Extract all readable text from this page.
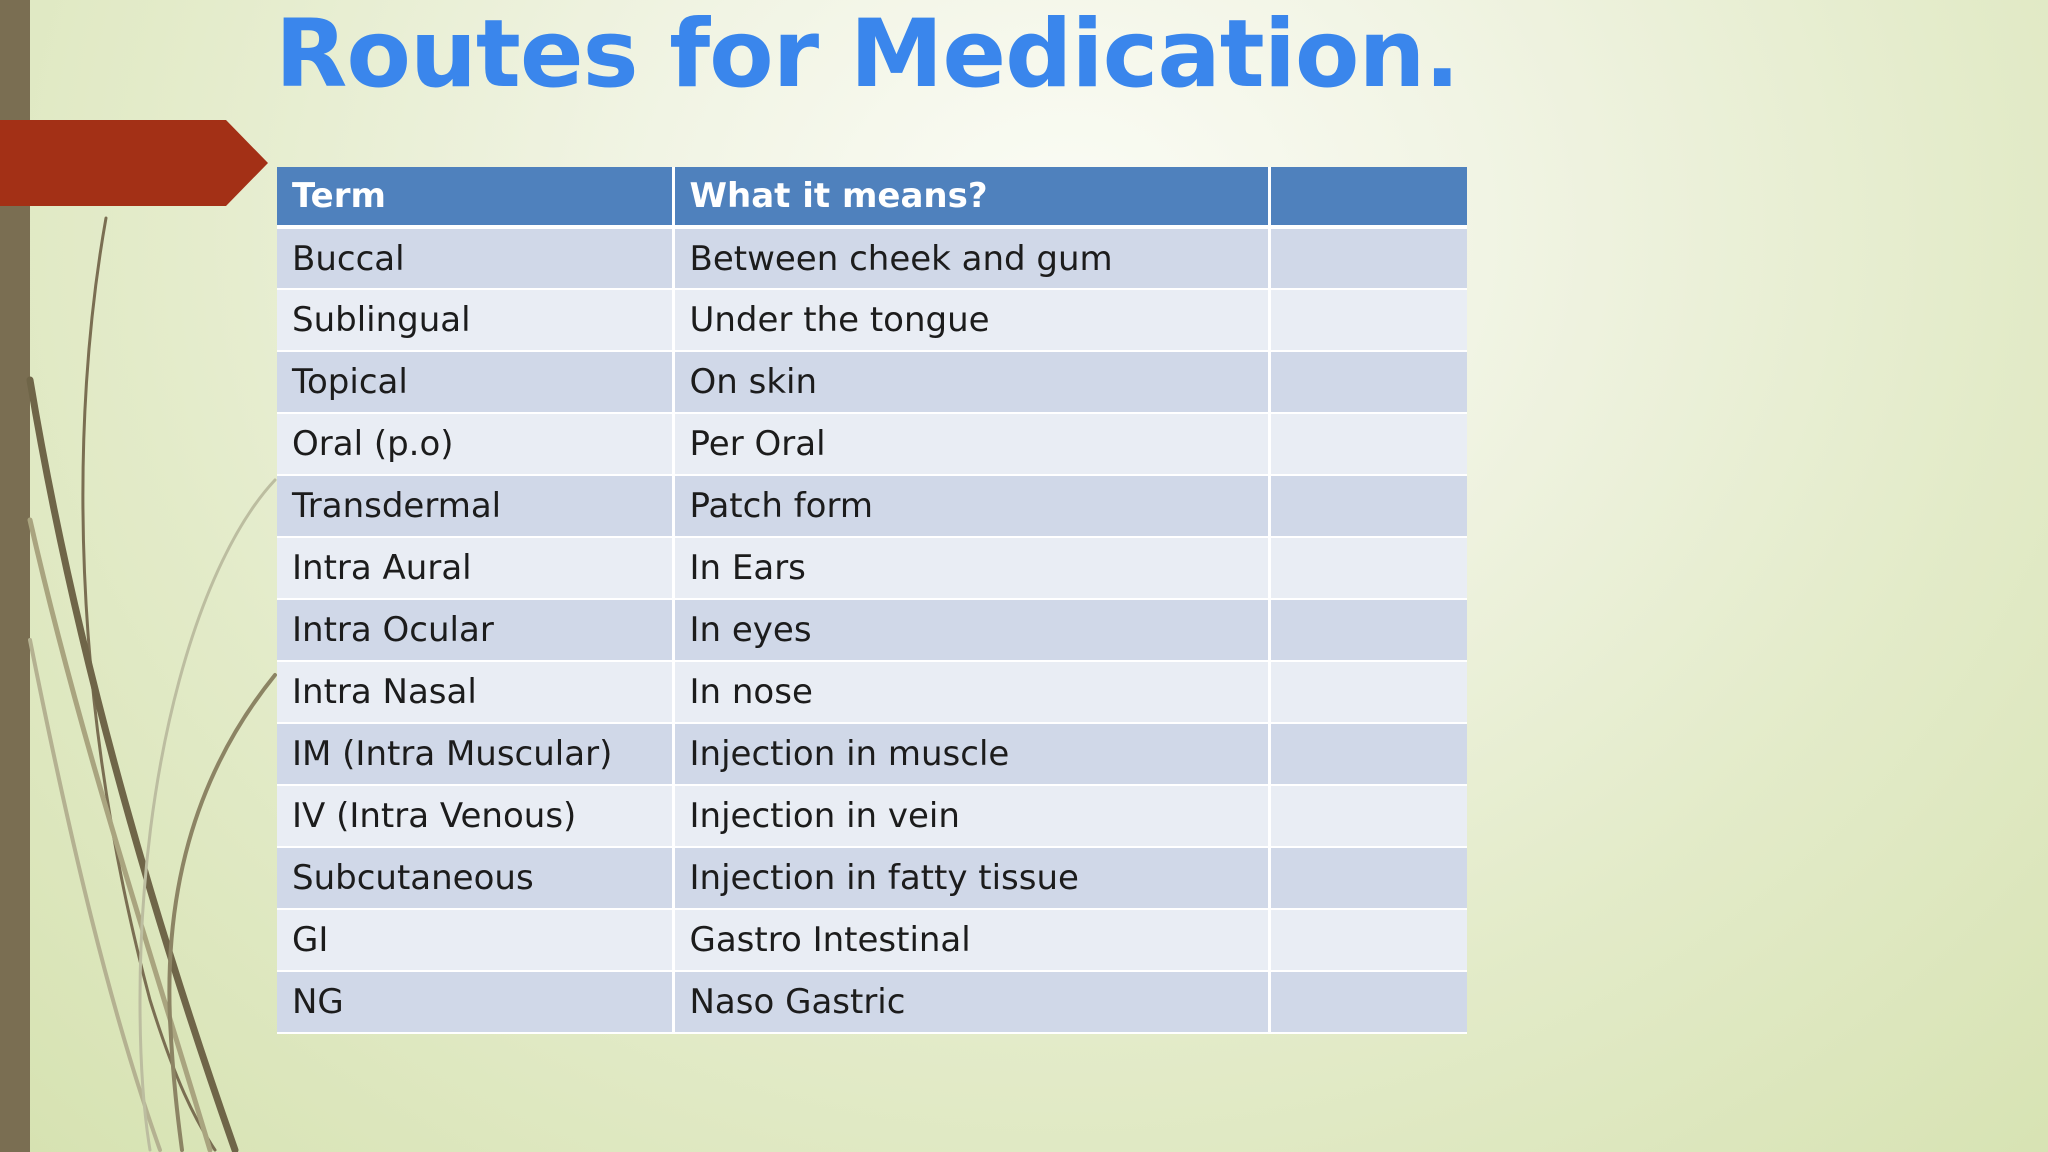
Routes for Medication.
Term	What it means?	
Buccal	Between cheek and gum	
Sublingual	Under the tongue	
Topical	On skin	
Oral (p.o)	Per Oral	
Transdermal	Patch form	
Intra Aural	In Ears	
Intra Ocular	In eyes	
Intra Nasal	In nose	
IM (Intra Muscular)	Injection in muscle	
IV (Intra Venous)	Injection in vein	
Subcutaneous	Injection in fatty tissue	
GI	Gastro Intestinal	
NG	Naso Gastric	
